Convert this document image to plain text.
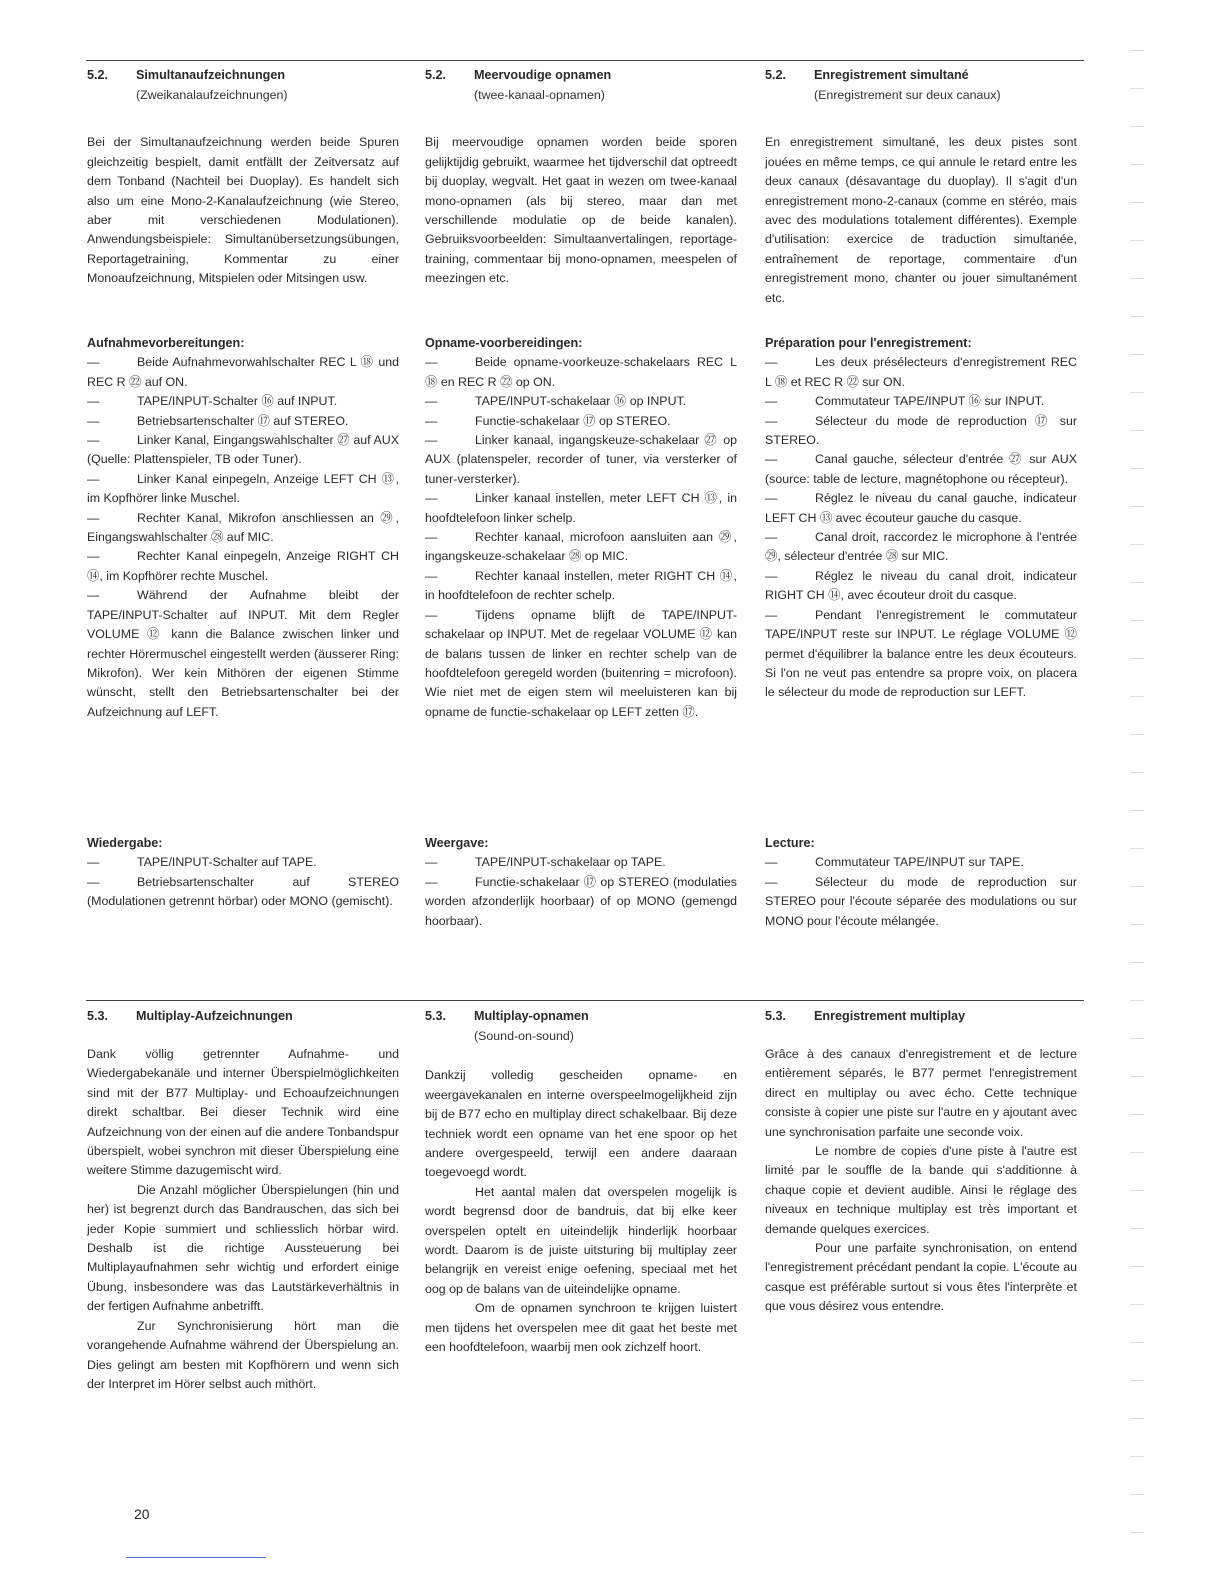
5.2. Simultanaufzeichnungen
(Zweikanalaufzeichnungen)

Bei der Simultanaufzeichnung werden beide Spuren gleichzeitig bespielt, damit entfällt der Zeitversatz auf dem Tonband (Nachteil bei Duoplay). Es handelt sich also um eine Mono-2-Kanalaufzeichnung (wie Stereo, aber mit verschiedenen Modulationen). Anwendungsbeispiele: Simultanübersetzungsübungen, Reportagetraining, Kommentar zu einer Monoaufzeichnung, Mitspielen oder Mitsingen usw.

5.2. Meervoudige opnamen
(twee-kanaal-opnamen)

Bij meervoudige opnamen worden beide sporen gelijktijdig gebruikt, waarmee het tijdverschil dat optreedt bij duoplay, wegvalt. Het gaat in wezen om twee-kanaal mono-opnamen (als bij stereo, maar dan met verschillende modulatie op de beide kanalen). Gebruiksvoorbeelden: Simultaanvertalingen, reportage-training, commentaar bij mono-opnamen, meespelen of meezingen etc.

5.2. Enregistrement simultané
(Enregistrement sur deux canaux)

En enregistrement simultané, les deux pistes sont jouées en même temps, ce qui annule le retard entre les deux canaux (désavantage du duoplay). Il s'agit d'un enregistrement mono-2-canaux (comme en stéréo, mais avec des modulations totalement différentes). Exemple d'utilisation: exercice de traduction simultanée, entraînement de reportage, commentaire d'un enregistrement mono, chanter ou jouer simultanément etc.

Aufnahmevorbereitungen:
—	Beide Aufnahmevorwahlschalter REC L ⑱ und REC R ㉒ auf ON.
—	TAPE/INPUT-Schalter ⑯ auf INPUT.
—	Betriebsartenschalter ⑰ auf STEREO.
—	Linker Kanal, Eingangswahlschalter ㉗ auf AUX (Quelle: Plattenspieler, TB oder Tuner).
—	Linker Kanal einpegeln, Anzeige LEFT CH ⑬, im Kopfhörer linke Muschel.
—	Rechter Kanal, Mikrofon anschliessen an ㉙, Eingangswahlschalter ㉘ auf MIC.
—	Rechter Kanal einpegeln, Anzeige RIGHT CH ⑭, im Kopfhörer rechte Muschel.
—	Während der Aufnahme bleibt der TAPE/INPUT-Schalter auf INPUT. Mit dem Regler VOLUME ⑫ kann die Balance zwischen linker und rechter Hörermuschel eingestellt werden (äusserer Ring: Mikrofon). Wer kein Mithören der eigenen Stimme wünscht, stellt den Betriebsartenschalter bei der Aufzeichnung auf LEFT.
Opname-voorbereidingen:
—	Beide opname-voorkeuze-schakelaars REC L ⑱ en REC R ㉒ op ON.
—	TAPE/INPUT-schakelaar ⑯ op INPUT.
—	Functie-schakelaar ⑰ op STEREO.
—	Linker kanaal, ingangskeuze-schakelaar ㉗ op AUX (platenspeler, recorder of tuner, via versterker of tuner-versterker).
—	Linker kanaal instellen, meter LEFT CH ⑬, in hoofdtelefoon linker schelp.
—	Rechter kanaal, microfoon aansluiten aan ㉙, ingangskeuze-schakelaar ㉘ op MIC.
—	Rechter kanaal instellen, meter RIGHT CH ⑭, in hoofdtelefoon de rechter schelp.
—	Tijdens opname blijft de TAPE/INPUT-schakelaar op INPUT. Met de regelaar VOLUME ⑫ kan de balans tussen de linker en rechter schelp van de hoofdtelefoon geregeld worden (buitenring = microfoon). Wie niet met de eigen stem wil meeluisteren kan bij opname de functie-schakelaar op LEFT zetten ⑰.
Préparation pour l'enregistrement:
—	Les deux présélecteurs d'enregistrement REC L ⑱ et REC R ㉒ sur ON.
—	Commutateur TAPE/INPUT ⑯ sur INPUT.
—	Sélecteur du mode de reproduction ⑰ sur STEREO.
—	Canal gauche, sélecteur d'entrée ㉗ sur AUX (source: table de lecture, magnétophone ou récepteur).
—	Réglez le niveau du canal gauche, indicateur LEFT CH ⑬ avec écouteur gauche du casque.
—	Canal droit, raccordez le microphone à l'entrée ㉙, sélecteur d'entrée ㉘ sur MIC.
—	Réglez le niveau du canal droit, indicateur RIGHT CH ⑭, avec écouteur droit du casque.
—	Pendant l'enregistrement le commutateur TAPE/INPUT reste sur INPUT. Le réglage VOLUME ⑫ permet d'équilibrer la balance entre les deux écouteurs. Si l'on ne veut pas entendre sa propre voix, on placera le sélecteur du mode de reproduction sur LEFT.
Wiedergabe:
—	TAPE/INPUT-Schalter auf TAPE.
—	Betriebsartenschalter auf STEREO (Modulationen getrennt hörbar) oder MONO (gemischt).
Weergave:
—	TAPE/INPUT-schakelaar op TAPE.
—	Functie-schakelaar ⑰ op STEREO (modulaties worden afzonderlijk hoorbaar) of op MONO (gemengd hoorbaar).
Lecture:
—	Commutateur TAPE/INPUT sur TAPE.
—	Sélecteur du mode de reproduction sur STEREO pour l'écoute séparée des modulations ou sur MONO pour l'écoute mélangée.
5.3. Multiplay-Aufzeichnungen

Dank völlig getrennter Aufnahme- und Wiedergabekanäle und interner Überspielmöglichkeiten sind mit der B77 Multiplay- und Echoaufzeichnungen direkt schaltbar. Bei dieser Technik wird eine Aufzeichnung von der einen auf die andere Tonbandspur überspielt, wobei synchron mit dieser Überspielung eine weitere Stimme dazugemischt wird.

Die Anzahl möglicher Überspielungen (hin und her) ist begrenzt durch das Bandrauschen, das sich bei jeder Kopie summiert und schliesslich hörbar wird. Deshalb ist die richtige Aussteuerung bei Multiplayaufnahmen sehr wichtig und erfordert einige Übung, insbesondere was das Lautstärkeverhältnis in der fertigen Aufnahme anbetrifft.

Zur Synchronisierung hört man die vorangehende Aufnahme während der Überspielung an. Dies gelingt am besten mit Kopfhörern und wenn sich der Interpret im Hörer selbst auch mithört.

5.3. Multiplay-opnamen
(Sound-on-sound)

Dankzij volledig gescheiden opname- en weergavekanalen en interne overspeelmogelijkheid zijn bij de B77 echo en multiplay direct schakelbaar. Bij deze techniek wordt een opname van het ene spoor op het andere overgespeeld, terwijl een andere daaraan toegevoegd wordt.

Het aantal malen dat overspelen mogelijk is wordt begrensd door de bandruis, dat bij elke keer overspelen optelt en uiteindelijk hinderlijk hoorbaar wordt. Daarom is de juiste uitsturing bij multiplay zeer belangrijk en vereist enige oefening, speciaal met het oog op de balans van de uiteindelijke opname.

Om de opnamen synchroon te krijgen luistert men tijdens het overspelen mee dit gaat het beste met een hoofdtelefoon, waarbij men ook zichzelf hoort.

5.3. Enregistrement multiplay

Grâce à des canaux d'enregistrement et de lecture entièrement séparés, le B77 permet l'enregistrement direct en multiplay ou avec écho. Cette technique consiste à copier une piste sur l'autre en y ajoutant avec une synchronisation parfaite une seconde voix.

Le nombre de copies d'une piste à l'autre est limité par le souffle de la bande qui s'additionne à chaque copie et devient audible. Ainsi le réglage des niveaux en technique multiplay est très important et demande quelques exercices.

Pour une parfaite synchronisation, on entend l'enregistrement précédant pendant la copie. L'écoute au casque est préférable surtout si vous êtes l'interprète et que vous désirez vous entendre.

20
